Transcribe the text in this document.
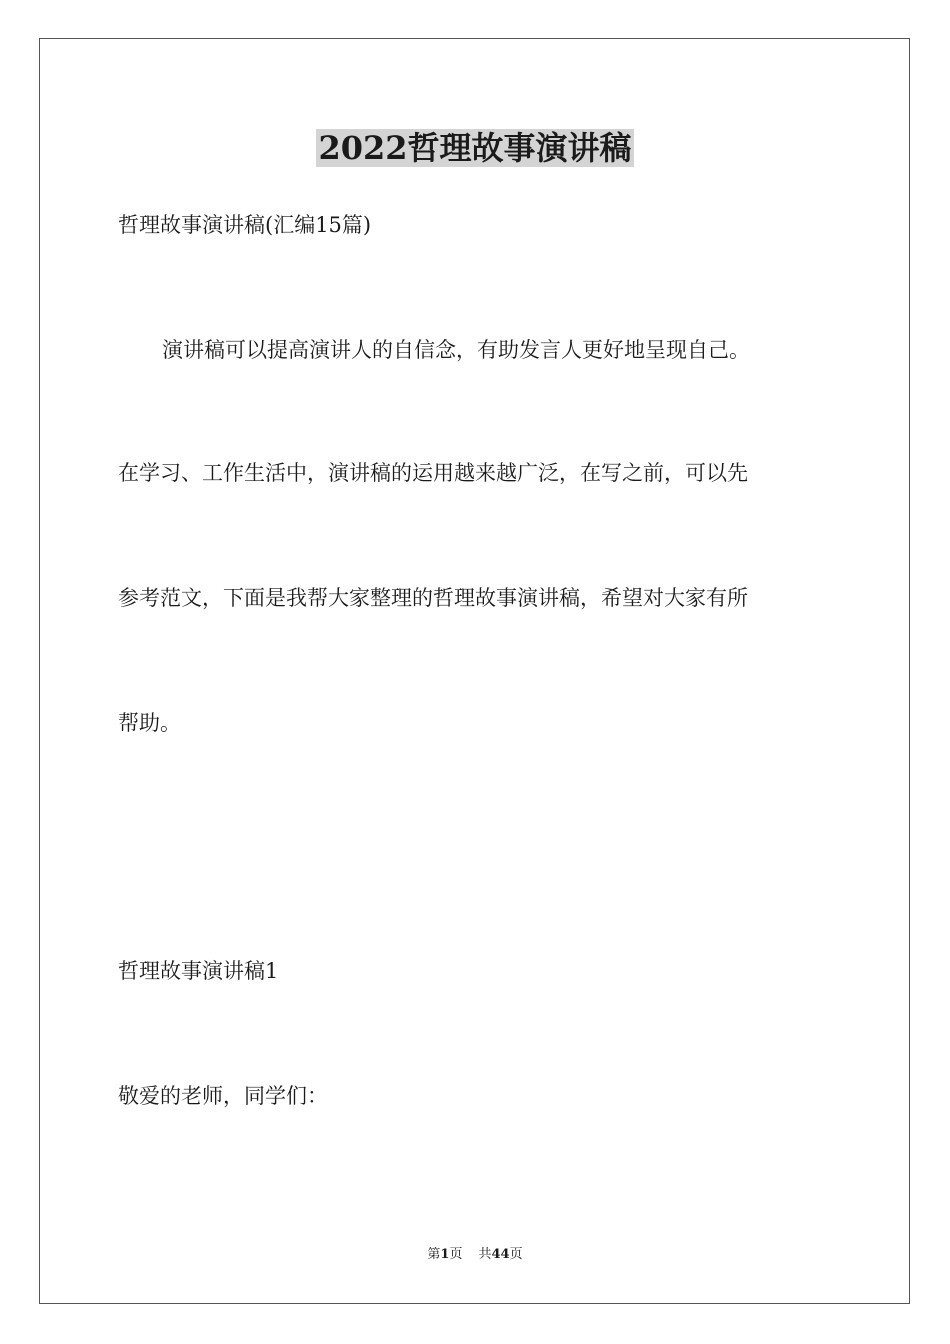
2022哲理故事演讲稿
哲理故事演讲稿(汇编15篇)
演讲稿可以提高演讲人的自信念，有助发言人更好地呈现自己。
在学习、工作生活中，演讲稿的运用越来越广泛，在写之前，可以先
参考范文，下面是我帮大家整理的哲理故事演讲稿，希望对大家有所
帮助。
哲理故事演讲稿1
敬爱的老师，同学们：
第1页 共44页
